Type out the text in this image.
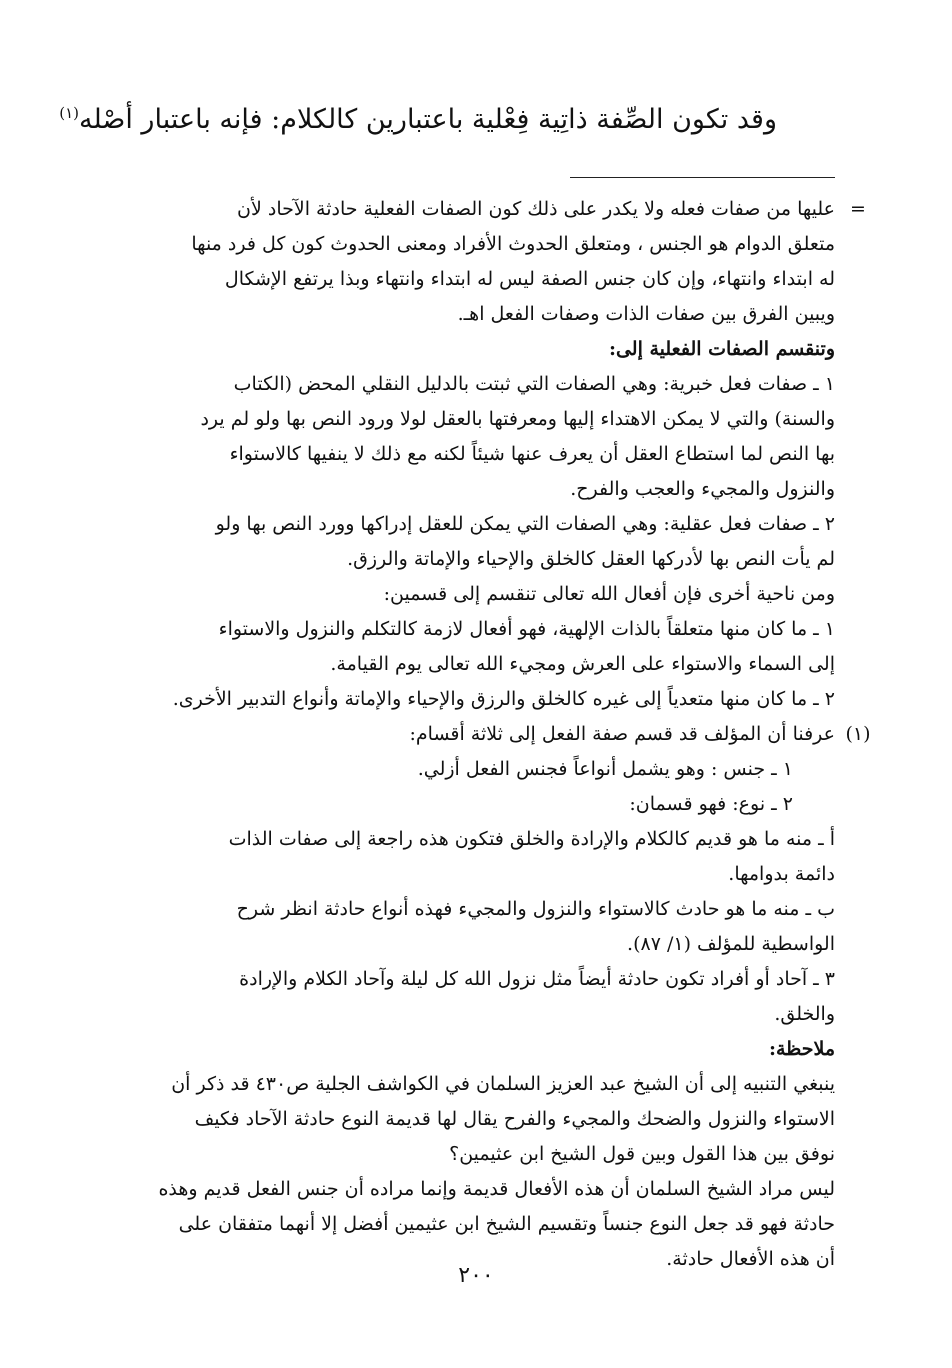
وقد تكون الصِّفة ذاتِية فِعْلية باعتبارين كالكلام: فإنه باعتبار أصْله$^{(١)}$

=
عليها من صفات فعله ولا يكدر على ذلك كون الصفات الفعلية حادثة الآحاد لأن

متعلق الدوام هو الجنس ، ومتعلق الحدوث الأفراد ومعنى الحدوث كون كل فرد منها

له ابتداء وانتهاء، وإن كان جنس الصفة ليس له ابتداء وانتهاء وبذا يرتفع الإشكال

ويبين الفرق بين صفات الذات وصفات الفعل اهـ.

وتنقسم الصفات الفعلية إلى:

١ ـ صفات فعل خبرية: وهي الصفات التي ثبتت بالدليل النقلي المحض (الكتاب

والسنة) والتي لا يمكن الاهتداء إليها ومعرفتها بالعقل لولا ورود النص بها ولو لم يرد

بها النص لما استطاع العقل أن يعرف عنها شيئاً لكنه مع ذلك لا ينفيها كالاستواء

والنزول والمجيء والعجب والفرح.

٢ ـ صفات فعل عقلية: وهي الصفات التي يمكن للعقل إدراكها وورد النص بها ولو

لم يأت النص بها لأدركها العقل كالخلق والإحياء والإماتة والرزق.

ومن ناحية أخرى فإن أفعال الله تعالى تنقسم إلى قسمين:

١ ـ ما كان منها متعلقاً بالذات الإلهية، فهو أفعال لازمة كالتكلم والنزول والاستواء

إلى السماء والاستواء على العرش ومجيء الله تعالى يوم القيامة.

٢ ـ ما كان منها متعدياً إلى غيره كالخلق والرزق والإحياء والإماتة وأنواع التدبير الأخرى.

(١)
عرفنا أن المؤلف قد قسم صفة الفعل إلى ثلاثة أقسام:

١ ـ جنس : وهو يشمل أنواعاً فجنس الفعل أزلي.

٢ ـ نوع: فهو قسمان:

أ ـ منه ما هو قديم كالكلام والإرادة والخلق فتكون هذه راجعة إلى صفات الذات

دائمة بدوامها.

ب ـ منه ما هو حادث كالاستواء والنزول والمجيء فهذه أنواع حادثة انظر شرح

الواسطية للمؤلف (١/ ٨٧).

٣ ـ آحاد أو أفراد تكون حادثة أيضاً مثل نزول الله كل ليلة وآحاد الكلام والإرادة

والخلق.

ملاحظة:

ينبغي التنبيه إلى أن الشيخ عبد العزيز السلمان في الكواشف الجلية ص٤٣٠ قد ذكر أن

الاستواء والنزول والضحك والمجيء والفرح يقال لها قديمة النوع حادثة الآحاد فكيف

نوفق بين هذا القول وبين قول الشيخ ابن عثيمين؟

ليس مراد الشيخ السلمان أن هذه الأفعال قديمة وإنما مراده أن جنس الفعل قديم وهذه

حادثة فهو قد جعل النوع جنساً وتقسيم الشيخ ابن عثيمين أفضل إلا أنهما متفقان على

أن هذه الأفعال حادثة.

٢٠٠
